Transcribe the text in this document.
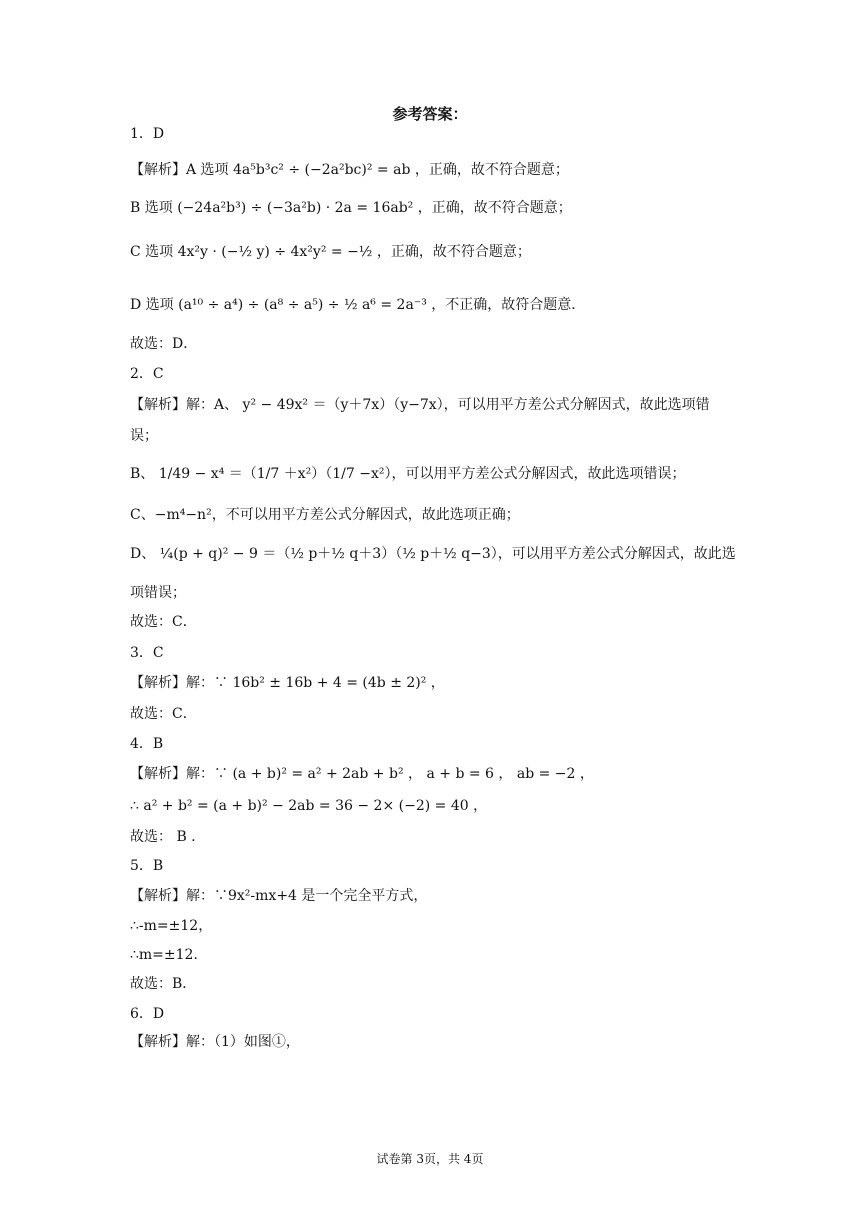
参考答案：
1．D
【解析】A 选项 4a⁵b³c² ÷ (−2a²bc)² = ab ，正确，故不符合题意；
B 选项 (−24a²b³) ÷ (−3a²b) · 2a = 16ab² ，正确，故不符合题意；
C 选项 4x²y · (−½ y) ÷ 4x²y² = −½ ，正确，故不符合题意；
D 选项 (a¹⁰ ÷ a⁴) ÷ (a⁸ ÷ a⁵) ÷ ½ a⁶ = 2a⁻³ ，不正确，故符合题意．
故选：D．
2．C
【解析】解：A、 y² − 49x² ＝（y＋7x）（y−7x），可以用平方差公式分解因式，故此选项错
误；
B、 1/49 − x⁴ ＝（1/7 ＋x²）（1/7 −x²），可以用平方差公式分解因式，故此选项错误；
C、−m⁴−n²，不可以用平方差公式分解因式，故此选项正确；
D、 ¼(p + q)² − 9 ＝（½ p＋½ q＋3）（½ p＋½ q−3），可以用平方差公式分解因式，故此选
项错误；
故选：C．
3．C
【解析】解：∵ 16b² ± 16b + 4 = (4b ± 2)² ，
故选：C．
4．B
【解析】解：∵ (a + b)² = a² + 2ab + b² ， a + b = 6 ， ab = −2 ，
∴ a² + b² = (a + b)² − 2ab = 36 − 2× (−2) = 40 ，
故选： B ．
5．B
【解析】解：∵9x²-mx+4 是一个完全平方式，
∴-m=±12，
∴m=±12．
故选：B．
6．D
【解析】解：（1）如图①，
试卷第 3页，共 4页
